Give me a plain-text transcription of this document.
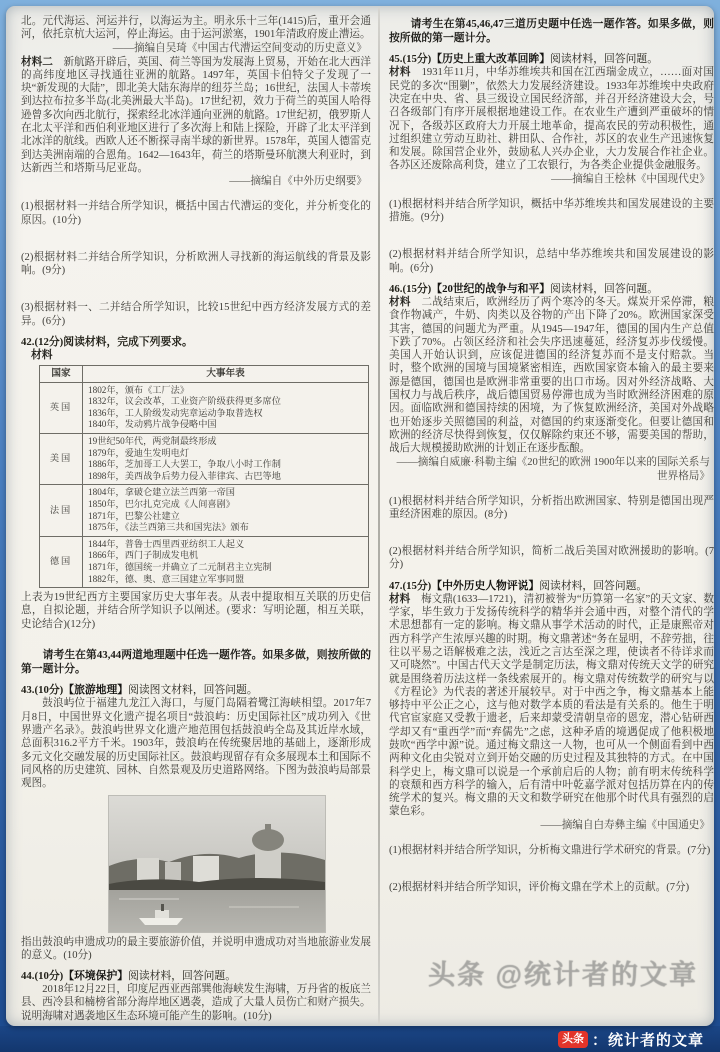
北。元代海运、河运并行，以海运为主。明永乐十三年(1415)后，重开会通河，依托京杭大运河，停止海运。由于运河淤塞，1901年清政府废止漕运。

——摘编自吴琦《中国古代漕运空间变动的历史意义》

材料二　 新航路开辟后，英国、荷兰等国为发展海上贸易，开始在北大西洋的高纬度地区寻找通往亚洲的航路。1497年，英国卡伯特父子发现了一块“新发现的大陆”，即北美大陆东海岸的纽芬兰岛；16世纪，法国人卡蒂埃到达拉布拉多半岛(北美洲最大半岛)。17世纪初，效力于荷兰的英国人哈得逊曾多次向西北航行，探索经北冰洋通向亚洲的航路。17世纪初，俄罗斯人在北太平洋和西伯利亚地区进行了多次海上和陆上探险，开辟了北太平洋到北冰洋的航线。西欧人还不断探寻南半球的新世界。1578年，英国人德雷克到达美洲南端的合恩角。1642—1643年，荷兰的塔斯曼环航澳大利亚时，到达新西兰和塔斯马尼亚岛。

——摘编自《中外历史纲要》

(1)根据材料一并结合所学知识，概括中国古代漕运的变化，并分析变化的原因。(10分)

(2)根据材料二并结合所学知识，分析欧洲人寻找新的海运航线的背景及影响。(9分)

(3)根据材料一、二并结合所学知识，比较15世纪中西方经济发展方式的差异。(6分)

42.(12分)阅读材料，完成下列要求。

材料

国家	大事年表
英国	1802年，颁布《工厂法》
1832年，议会改革，工业资产阶级获得更多席位
1836年，工人阶级发动宪章运动争取普选权
1840年，发动鸦片战争侵略中国

美国	19世纪50年代，两党制最终形成
1879年，爱迪生发明电灯
1886年，芝加哥工人大罢工，争取八小时工作制
1898年，美西战争后势力侵入菲律宾、古巴等地

法国	1804年，拿破仑建立法兰西第一帝国
1850年，巴尔扎克完成《人间喜剧》
1871年，巴黎公社建立
1875年，《法兰西第三共和国宪法》颁布

德国	1844年，普鲁士西里西亚纺织工人起义
1866年，西门子制成发电机
1871年，德国统一并确立了二元制君主立宪制
1882年，德、奥、意三国建立军事同盟

上表为19世纪西方主要国家历史大事年表。从表中提取相互关联的历史信息，自拟论题，并结合所学知识予以阐述。(要求：写明论题，相互关联，史论结合)(12分)

请考生在第43,44两道地理题中任选一题作答。如果多做，则按所做的第一题计分。

43.(10分)【旅游地理】阅读图文材料，回答问题。

鼓浪屿位于福建九龙江入海口，与厦门岛隔着鹭江海峡相望。2017年7月8日，中国世界文化遗产提名项目“鼓浪屿：历史国际社区”成功列入《世界遗产名录》。鼓浪屿世界文化遗产地范围包括鼓浪屿全岛及其近岸水域，总面积316.2平方千米。1903年，鼓浪屿在传统聚居地的基础上，逐渐形成多元文化交融发展的历史国际社区。鼓浪屿现留存有众多展现本土和国际不同风格的历史建筑、园林、自然景观及历史道路网络。下图为鼓浪屿局部景观图。

指出鼓浪屿申遗成功的最主要旅游价值，并说明申遗成功对当地旅游业发展的意义。(10分)

44.(10分)【环境保护】阅读材料，回答问题。

2018年12月22日，印度尼西亚西部巽他海峡发生海啸，万丹省的板底兰县、西冷县和楠榜省部分海岸地区遇袭，造成了大量人员伤亡和财产损失。

说明海啸对遇袭地区生态环境可能产生的影响。(10分)

请考生在第45,46,47三道历史题中任选一题作答。如果多做，则按所做的第一题计分。

45.(15分)【历史上重大改革回眸】阅读材料，回答问题。

材料　 1931年11月，中华苏维埃共和国在江西瑞金成立，……面对国民党的多次“围剿”，依然大力发展经济建设。1933年苏维埃中央政府决定在中央、省、县三级设立国民经济部，并召开经济建设大会，号召各级部门有序开展根据地建设工作。在农业生产遭到严重破坏的情况下，各级苏区政府大力开展土地革命，提高农民的劳动积极性，通过组织建立劳动互助社、耕田队、合作社，苏区的农业生产迅速恢复和发展。除国营企业外，鼓励私人兴办企业，大力发展合作社企业。各苏区还废除高利贷，建立了工农银行，为各类企业提供金融服务。

——摘编自王桧林《中国现代史》

(1)根据材料并结合所学知识，概括中华苏维埃共和国发展建设的主要措施。(9分)

(2)根据材料并结合所学知识，总结中华苏维埃共和国发展建设的影响。(6分)

46.(15分)【20世纪的战争与和平】阅读材料，回答问题。

材料　 二战结束后，欧洲经历了两个寒冷的冬天。煤炭开采停滞，粮食作物减产，牛奶、肉类以及谷物的产出下降了20%。欧洲国家深受其害，德国的问题尤为严重。从1945—1947年，德国的国内生产总值下跌了70%。占领区经济和社会失序迅速蔓延，经济复苏步伐缓慢。美国人开始认识到，应该促进德国的经济复苏而不是支付赔款。当时，整个欧洲的国境与国境紧密相连，西欧国家资本输入的最主要来源是德国，德国也是欧洲非常重要的出口市场。因对外经济战略、大国权力与战后秩序，战后德国贸易停滞也成为当时欧洲经济困难的原因。面临欧洲和德国持续的困境，为了恢复欧洲经济，美国对外战略也开始逐步关照德国的利益，对德国的约束逐渐变化。但要让德国和欧洲的经济尽快得到恢复，仅仅解除约束还不够，需要美国的帮助，战后大规模援助欧洲的计划正在逐步酝酿。

——摘编自威廉·科勒主编《20世纪的欧洲 1900年以来的国际关系与世界格局》

(1)根据材料并结合所学知识，分析指出欧洲国家、特别是德国出现严重经济困难的原因。(8分)

(2)根据材料并结合所学知识，简析二战后美国对欧洲援助的影响。(7分)

47.(15分)【中外历史人物评说】阅读材料，回答问题。

材料　 梅文鼎(1633—1721)，清初被誉为“历算第一名家”的天文家、数学家，毕生致力于发扬传统科学的精华并会通中西，对整个清代的学术思想都有一定的影响。梅文鼎从事学术活动的时代，正是康熙帝对西方科学产生浓厚兴趣的时期。梅文鼎著述“务在显明，不辞劳拙，往往以平易之语解极难之法，浅近之言达至深之理，使读者不待详求而又可晓然”。中国古代天文学是制定历法，梅文鼎对传统天文学的研究就是围绕着历法这样一条线索展开的。梅文鼎对传统数学的研究与以《方程论》为代表的著述开展较早。对于中西之争，梅文鼎基本上能够持中平公正之心，这与他对数学本质的看法是有关系的。他生于明代官宦家庭又受教于遗老，后来却蒙受清朝皇帝的恩宠，潜心钻研西学却又有“重西学”而“弃儒先”之虑，这种矛盾的境遇促成了他积极地鼓吹“西学中源”说。通过梅文鼎这一人物，也可从一个侧面看到中西两种文化由尖锐对立到开始交融的历史过程及其独特的方式。在中国科学史上，梅文鼎可以说是一个承前启后的人物；前有明末传统科学的衰颓和西方科学的输入，后有清中叶乾嘉学派对包括历算在内的传统学术的复兴。梅文鼎的天文和数学研究在他那个时代具有强烈的启蒙色彩。

——摘编自白寿彝主编《中国通史》

(1)根据材料并结合所学知识，分析梅文鼎进行学术研究的背景。(7分)

(2)根据材料并结合所学知识，评价梅文鼎在学术上的贡献。(7分)

头条 @统计者的文章
头条 ： 统计者的文章
